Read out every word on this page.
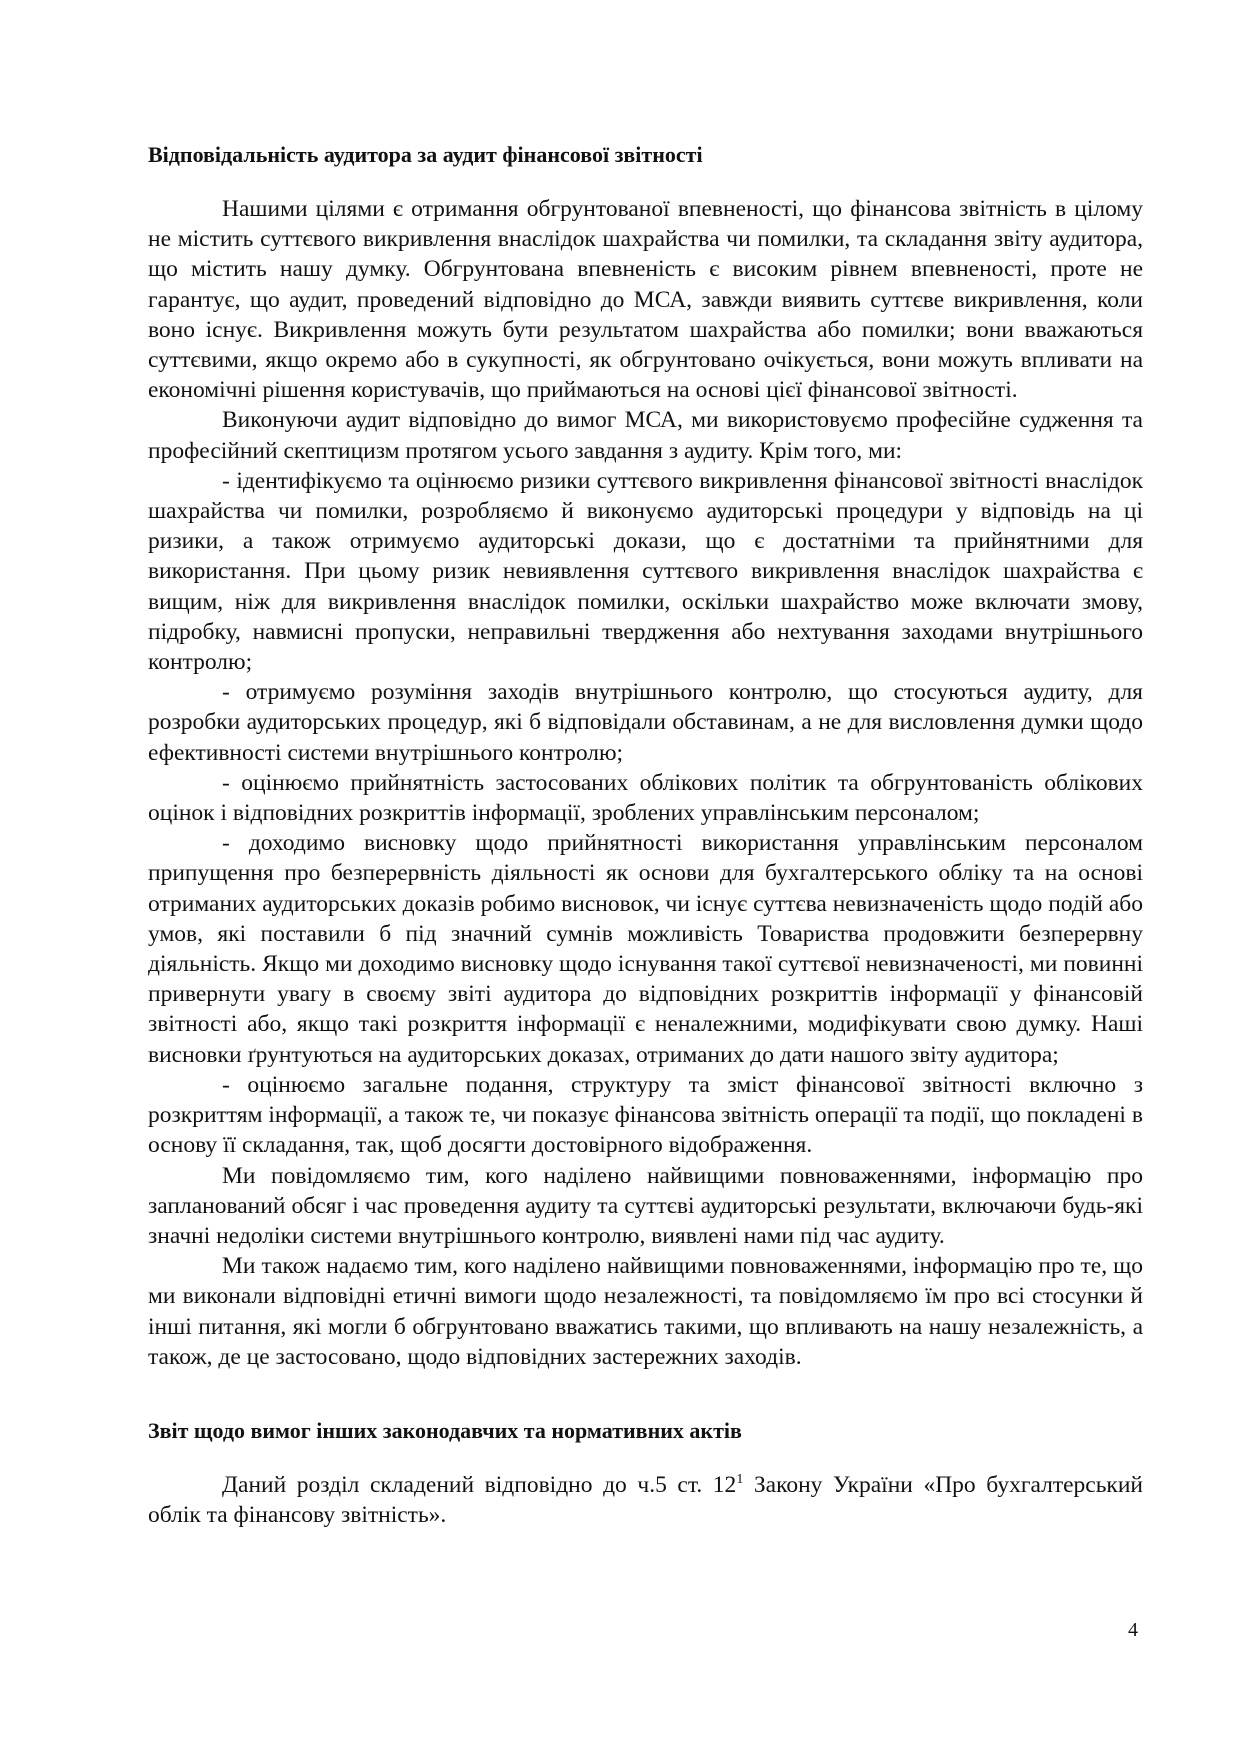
Відповідальність аудитора за аудит фінансової звітності

Нашими цілями є отримання обгрунтованої впевненості, що фінансова звітність в цілому не містить суттєвого викривлення внаслідок шахрайства чи помилки, та складання звіту аудитора, що містить нашу думку. Обгрунтована впевненість є високим рівнем впевненості, проте не гарантує, що аудит, проведений відповідно до МСА, завжди виявить суттєве викривлення, коли воно існує. Викривлення можуть бути результатом шахрайства або помилки; вони вважаються суттєвими, якщо окремо або в сукупності, як обгрунтовано очікується, вони можуть впливати на економічні рішення користувачів, що приймаються на основі цієї фінансової звітності.

Виконуючи аудит відповідно до вимог МСА, ми використовуємо професійне судження та професійний скептицизм протягом усього завдання з аудиту. Крім того, ми:

- ідентифікуємо та оцінюємо ризики суттєвого викривлення фінансової звітності внаслідок шахрайства чи помилки, розробляємо й виконуємо аудиторські процедури у відповідь на ці ризики, а також отримуємо аудиторські докази, що є достатніми та прийнятними для використання. При цьому ризик невиявлення суттєвого викривлення внаслідок шахрайства є вищим, ніж для викривлення внаслідок помилки, оскільки шахрайство може включати змову, підробку, навмисні пропуски, неправильні твердження або нехтування заходами внутрішнього контролю;

- отримуємо розуміння заходів внутрішнього контролю, що стосуються аудиту, для розробки аудиторських процедур, які б відповідали обставинам, а не для висловлення думки щодо ефективності системи внутрішнього контролю;

- оцінюємо прийнятність застосованих облікових політик та обгрунтованість облікових оцінок і відповідних розкриттів інформації, зроблених управлінським персоналом;

- доходимо висновку щодо прийнятності використання управлінським персоналом припущення про безперервність діяльності як основи для бухгалтерського обліку та на основі отриманих аудиторських доказів робимо висновок, чи існує суттєва невизначеність щодо подій або умов, які поставили б під значний сумнів можливість Товариства продовжити безперервну діяльність. Якщо ми доходимо висновку щодо існування такої суттєвої невизначеності, ми повинні привернути увагу в своєму звіті аудитора до відповідних розкриттів інформації у фінансовій звітності або, якщо такі розкриття інформації є неналежними, модифікувати свою думку. Наші висновки ґрунтуються на аудиторських доказах, отриманих до дати нашого звіту аудитора;

- оцінюємо загальне подання, структуру та зміст фінансової звітності включно з розкриттям інформації, а також те, чи показує фінансова звітність операції та події, що покладені в основу її складання, так, щоб досягти достовірного відображення.

Ми повідомляємо тим, кого наділено найвищими повноваженнями, інформацію про запланований обсяг і час проведення аудиту та суттєві аудиторські результати, включаючи будь-які значні недоліки системи внутрішнього контролю, виявлені нами під час аудиту.

Ми також надаємо тим, кого наділено найвищими повноваженнями, інформацію про те, що ми виконали відповідні етичні вимоги щодо незалежності, та повідомляємо їм про всі стосунки й інші питання, які могли б обгрунтовано вважатись такими, що впливають на нашу незалежність, а також, де це застосовано, щодо відповідних застережних заходів.

Звіт щодо вимог інших законодавчих та нормативних актів

Даний розділ складений відповідно до ч.5 ст. $12^1$ Закону України «Про бухгалтерський облік та фінансову звітність».

4
